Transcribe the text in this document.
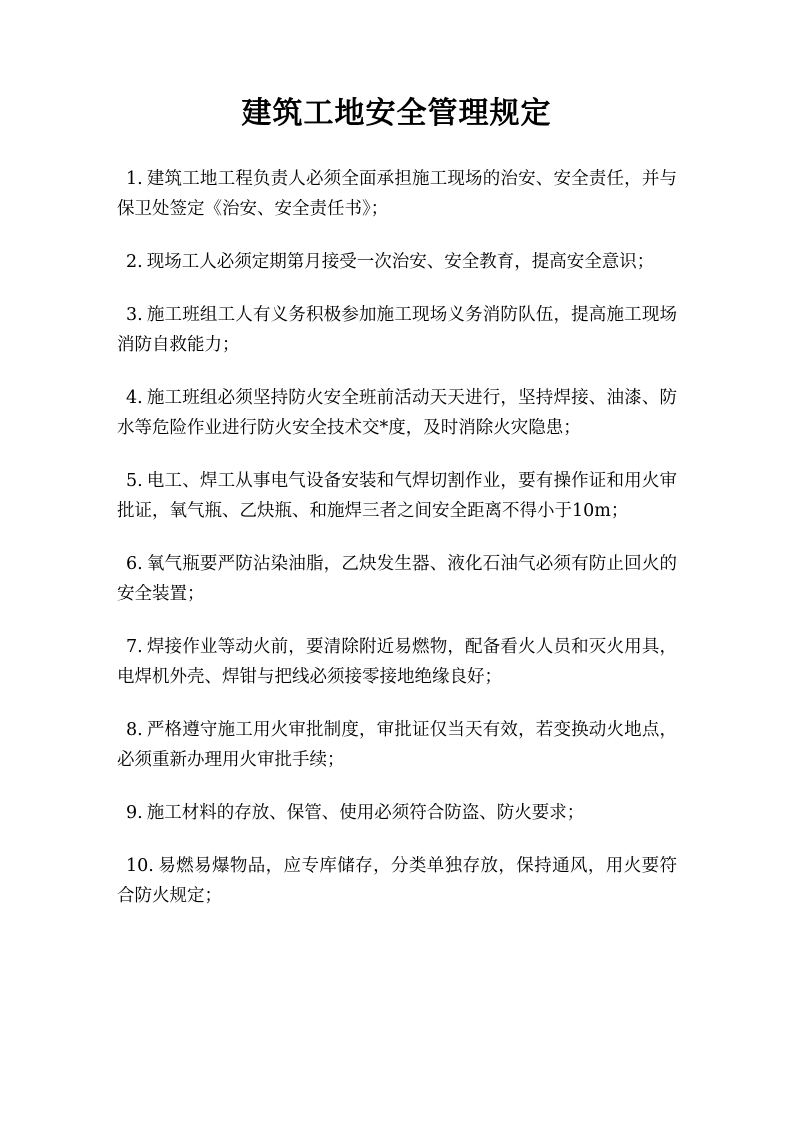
建筑工地安全管理规定
1. 建筑工地工程负责人必须全面承担施工现场的治安、安全责任，并与保卫处签定《治安、安全责任书》；
2. 现场工人必须定期第月接受一次治安、安全教育，提高安全意识；
3. 施工班组工人有义务积极参加施工现场义务消防队伍，提高施工现场消防自救能力；
4. 施工班组必须坚持防火安全班前活动天天进行，坚持焊接、油漆、防水等危险作业进行防火安全技术交*度，及时消除火灾隐患；
5. 电工、焊工从事电气设备安装和气焊切割作业，要有操作证和用火审批证，氧气瓶、乙炔瓶、和施焊三者之间安全距离不得小于10m；
6. 氧气瓶要严防沾染油脂，乙炔发生器、液化石油气必须有防止回火的安全装置；
7. 焊接作业等动火前，要清除附近易燃物，配备看火人员和灭火用具，电焊机外壳、焊钳与把线必须接零接地绝缘良好；
8. 严格遵守施工用火审批制度，审批证仅当天有效，若变换动火地点，必须重新办理用火审批手续；
9. 施工材料的存放、保管、使用必须符合防盗、防火要求；
10. 易燃易爆物品，应专库储存，分类单独存放，保持通风，用火要符合防火规定；
